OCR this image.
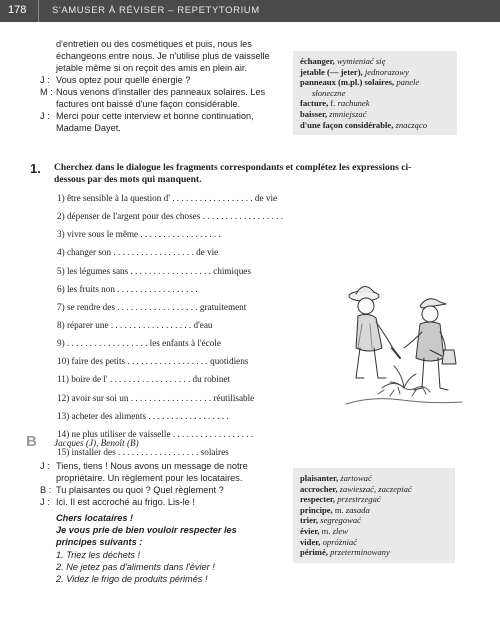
178	S'AMUSER À RÉVISER – REPETYTORIUM
d'entretien ou des cosmétiques et puis, nous les échangeons entre nous. Je n'utilise plus de vaisselle jetable même si on reçoit des amis en plein air.
J : Vous optez pour quelle énergie ?
M : Nous venons d'installer des panneaux solaires. Les factures ont baissé d'une façon considérable.
J : Merci pour cette interview et bonne continuation, Madame Dayet.
échanger, wymieniać się
jetable (— jeter), jednorazowy
panneaux (m.pl.) solaires, panele
słoneczne
facture, f. rachunek
baisser, zmniejszać
d'une façon considérable, znacząco
1. Cherchez dans le dialogue les fragments correspondants et complétez les expressions ci-dessous par des mots qui manquent.
1) être sensible à la question d' . . . . . . . . . . . . . . . . . . de vie
2) dépenser de l'argent pour des choses . . . . . . . . . . . . . . . . . .
3) vivre sous le même . . . . . . . . . . . . . . . . . .
4) changer son . . . . . . . . . . . . . . . . . . de vie
5) les légumes sans . . . . . . . . . . . . . . . . . . chimiques
6) les fruits non . . . . . . . . . . . . . . . . . .
7) se rendre des . . . . . . . . . . . . . . . . . . gratuitement
8) réparer une . . . . . . . . . . . . . . . . . . d'eau
9) . . . . . . . . . . . . . . . . . . les enfants à l'école
10) faire des petits . . . . . . . . . . . . . . . . . . quotidiens
11) boire de l' . . . . . . . . . . . . . . . . . . du robinet
12) avoir sur soi un . . . . . . . . . . . . . . . . . . réutilisable
13) acheter des aliments . . . . . . . . . . . . . . . . . .
14) ne plus utiliser de vaisselle . . . . . . . . . . . . . . . . . .
15) installer des . . . . . . . . . . . . . . . . . . solaires
B Jacques (J), Benoît (B)
J : Tiens, tiens ! Nous avons un message de notre propriétaire. Un règlement pour les locataires.
B : Tu plaisantes ou quoi ? Quel règlement ?
J : Ici. Il est accroché au frigo. Lis-le !
Chers locataires !
Je vous prie de bien vouloir respecter les principes suivants :
1. Triez les déchets !
2. Ne jetez pas d'aliments dans l'évier !
2. Videz le frigo de produits périmés !
plaisanter, żartować
accrocher, zawieszać, zaczepiać
respecter, przestrzegać
principe, m. zasada
trier, segregować
évier, m. zlew
vider, opróżniać
périmé, przeterminowany
